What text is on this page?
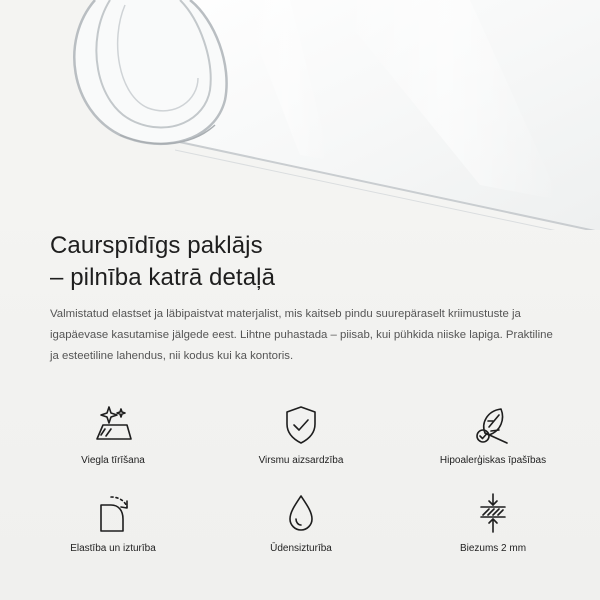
Caurspīdīgs paklājs
– pilnība katrā detaļā

Valmistatud elastset ja läbipaistvat materjalist, mis kaitseb pindu suurepäraselt kriimustuste ja igapäevase kasutamise jälgede eest. Lihtne puhastada – piisab, kui pühkida niiske lapiga. Praktiline ja esteetiline lahendus, nii kodus kui ka kontoris.

Viegla tīrīšana	Virsmu aizsardzība	Hipoalerģiskas īpašības
Elastība un izturība	Ūdensizturība	Biezums 2 mm
